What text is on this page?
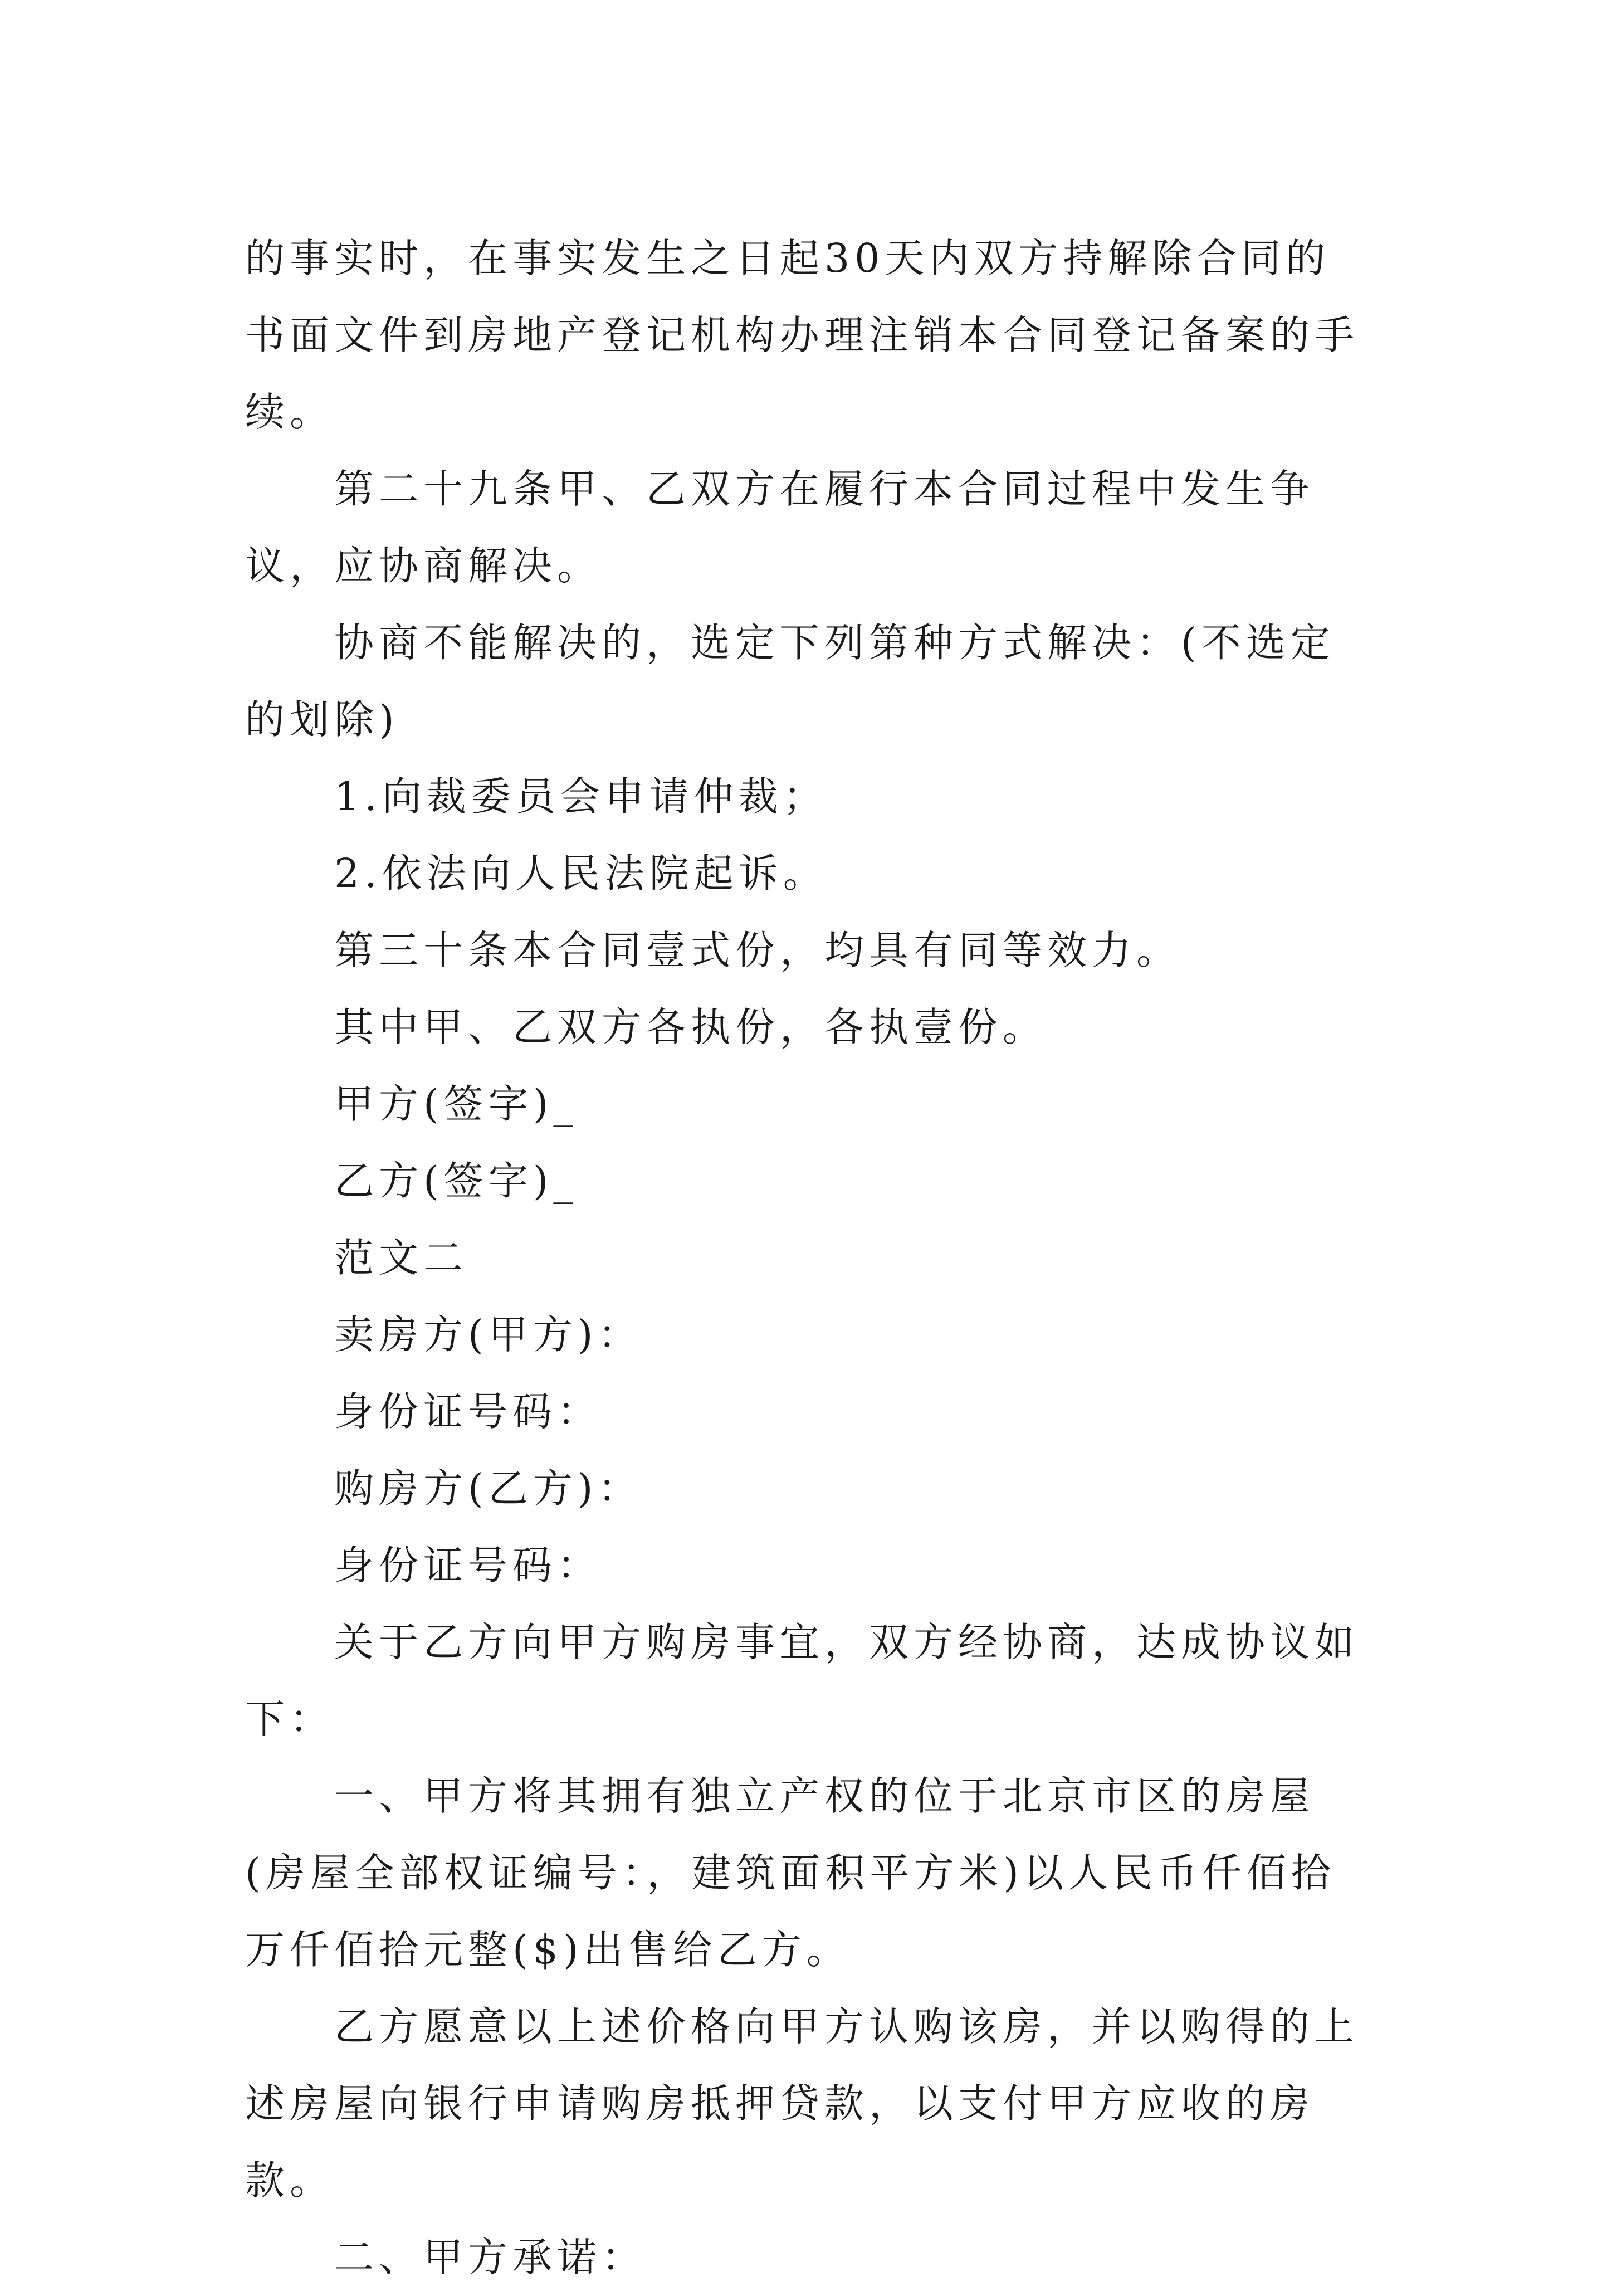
的事实时，在事实发生之日起30天内双方持解除合同的书面文件到房地产登记机构办理注销本合同登记备案的手续。

第二十九条甲、乙双方在履行本合同过程中发生争议，应协商解决。

协商不能解决的，选定下列第种方式解决：(不选定的划除)

1.向裁委员会申请仲裁；

2.依法向人民法院起诉。

第三十条本合同壹式份，均具有同等效力。

其中甲、乙双方各执份，各执壹份。

甲方(签字)_

乙方(签字)_

范文二

卖房方(甲方)：

身份证号码：

购房方(乙方)：

身份证号码：

关于乙方向甲方购房事宜，双方经协商，达成协议如下：

一、甲方将其拥有独立产权的位于北京市区的房屋(房屋全部权证编号：，建筑面积平方米)以人民币仟佰拾万仟佰拾元整($)出售给乙方。

乙方愿意以上述价格向甲方认购该房，并以购得的上述房屋向银行申请购房抵押贷款，以支付甲方应收的房款。

二、甲方承诺：
